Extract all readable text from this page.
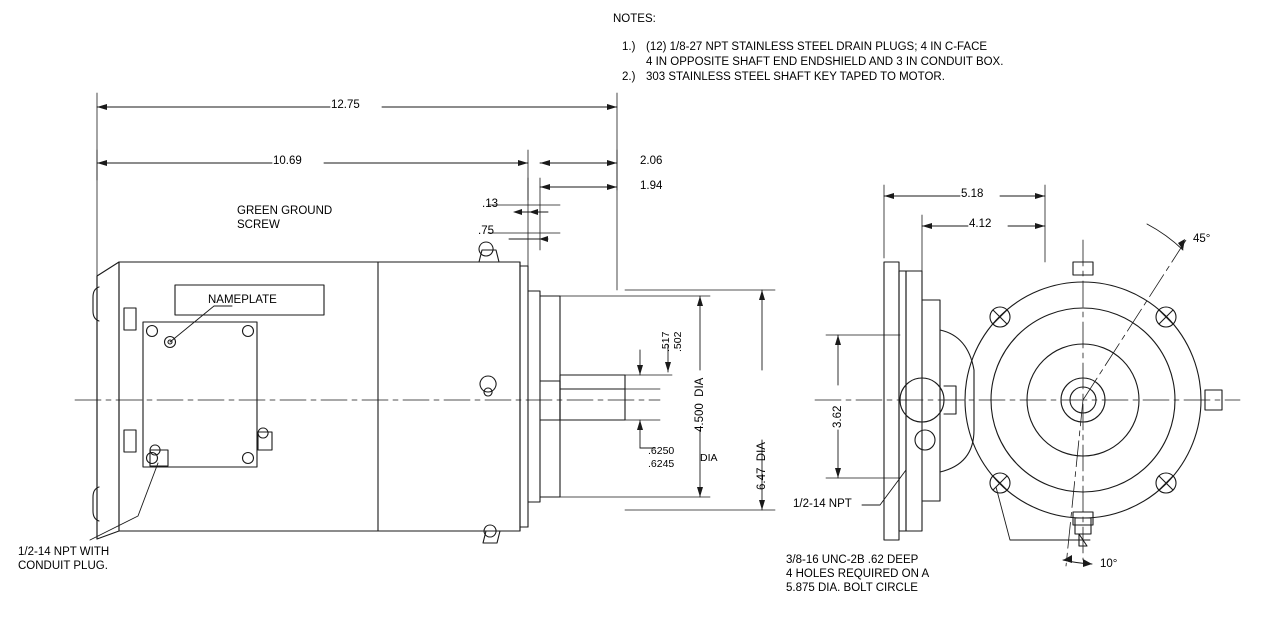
NOTES:
1.) (12) 1/8-27 NPT STAINLESS STEEL DRAIN PLUGS; 4 IN C-FACE
4 IN OPPOSITE SHAFT END ENDSHIELD AND 3 IN CONDUIT BOX.
2.) 303 STAINLESS STEEL SHAFT KEY TAPED TO MOTOR.
12.75
10.69	2.06
1.94
.13
.75
.517 .502
.6250
.6245 DIA
4.500  DIA
6.47  DIA
NAMEPLATE
GREEN GROUND
SCREW
1/2-14 NPT WITH
CONDUIT PLUG.
5.18
4.12
3.62
45°
10°
1/2-14 NPT
3/8-16 UNC-2B .62 DEEP
4 HOLES REQUIRED ON A
5.875 DIA. BOLT CIRCLE
